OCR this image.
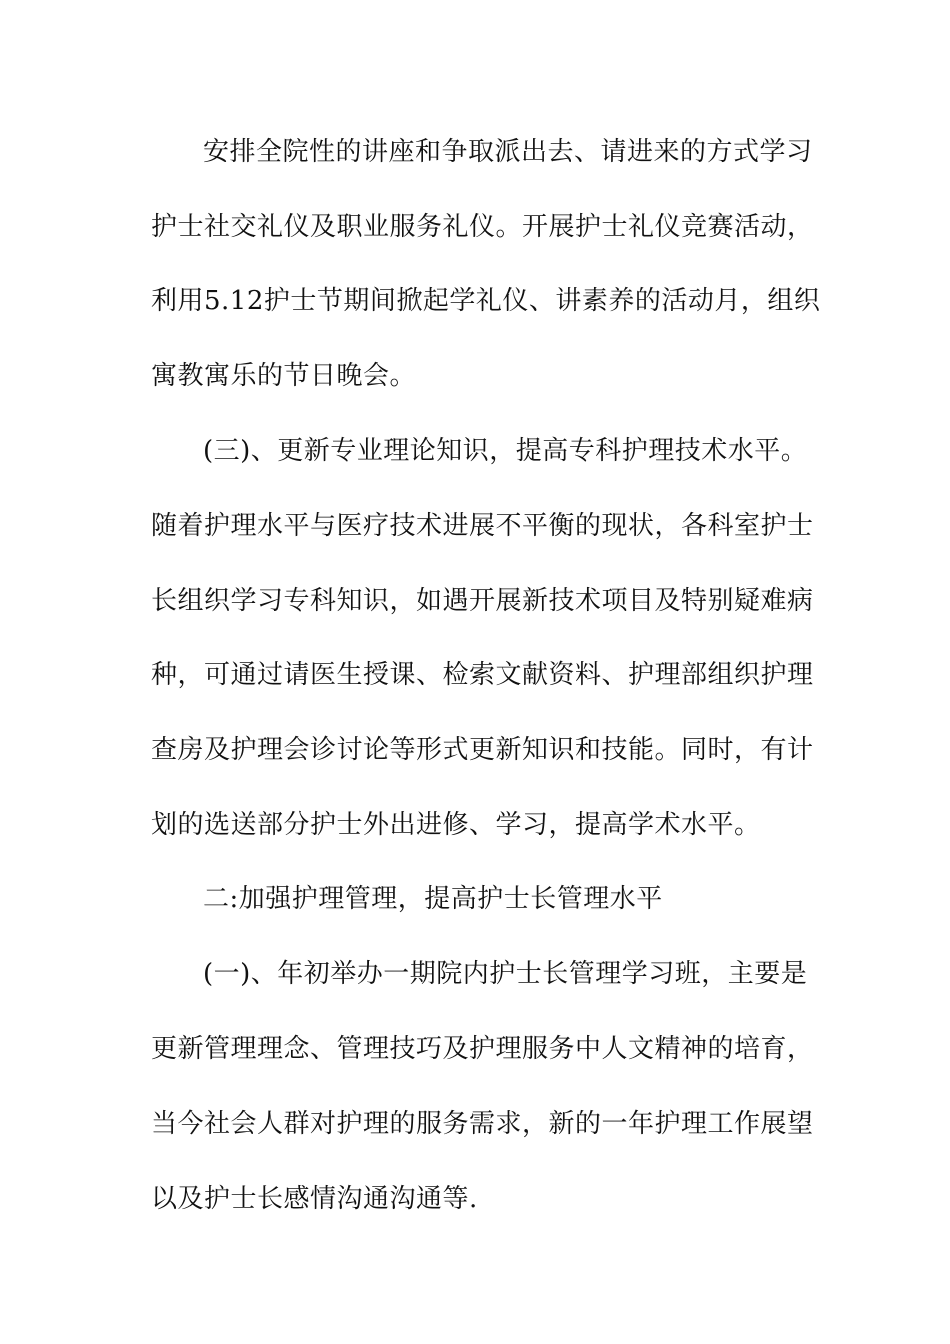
安排全院性的讲座和争取派出去、请进来的方式学习
护士社交礼仪及职业服务礼仪。开展护士礼仪竞赛活动，
利用5.12护士节期间掀起学礼仪、讲素养的活动月，组织
寓教寓乐的节日晚会。
(三)、更新专业理论知识，提高专科护理技术水平。
随着护理水平与医疗技术进展不平衡的现状，各科室护士
长组织学习专科知识，如遇开展新技术项目及特别疑难病
种，可通过请医生授课、检索文献资料、护理部组织护理
查房及护理会诊讨论等形式更新知识和技能。同时，有计
划的选送部分护士外出进修、学习，提高学术水平。
二:加强护理管理，提高护士长管理水平
(一)、年初举办一期院内护士长管理学习班，主要是
更新管理理念、管理技巧及护理服务中人文精神的培育，
当今社会人群对护理的服务需求，新的一年护理工作展望
以及护士长感情沟通沟通等.
